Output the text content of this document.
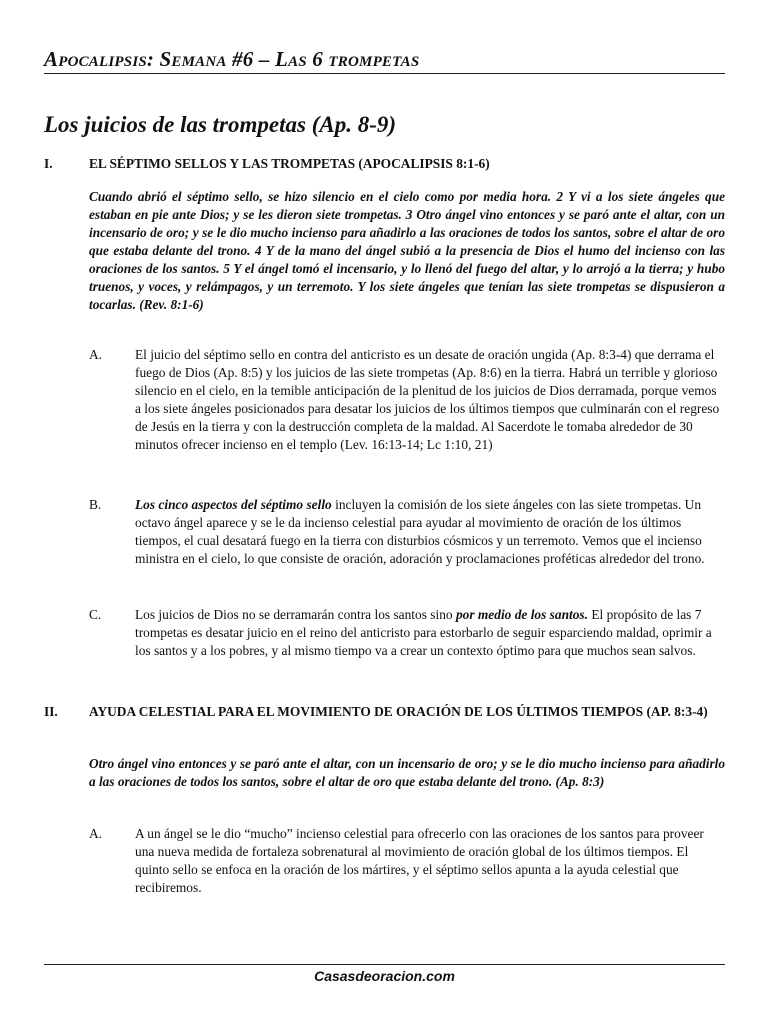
Apocalipsis: Semana #6 – Las 6 trompetas
Los juicios de las trompetas (Ap. 8-9)
I.	EL SÉPTIMO SELLOS Y LAS TROMPETAS (APOCALIPSIS 8:1-6)

Cuando abrió el séptimo sello, se hizo silencio en el cielo como por media hora. 2 Y vi a los siete ángeles que estaban en pie ante Dios; y se les dieron siete trompetas. 3 Otro ángel vino entonces y se paró ante el altar, con un incensario de oro; y se le dio mucho incienso para añadirlo a las oraciones de todos los santos, sobre el altar de oro que estaba delante del trono. 4 Y de la mano del ángel subió a la presencia de Dios el humo del incienso con las oraciones de los santos. 5 Y el ángel tomó el incensario, y lo llenó del fuego del altar, y lo arrojó a la tierra; y hubo truenos, y voces, y relámpagos, y un terremoto. Y los siete ángeles que tenían las siete trompetas se dispusieron a tocarlas. (Rev. 8:1-6)

A. El juicio del séptimo sello en contra del anticristo es un desate de oración ungida (Ap. 8:3-4) que derrama el fuego de Dios (Ap. 8:5) y los juicios de las siete trompetas (Ap. 8:6) en la tierra. Habrá un terrible y glorioso silencio en el cielo, en la temible anticipación de la plenitud de los juicios de Dios derramada, porque vemos a los siete ángeles posicionados para desatar los juicios de los últimos tiempos que culminarán con el regreso de Jesús en la tierra y con la destrucción completa de la maldad. Al Sacerdote le tomaba alrededor de 30 minutos ofrecer incienso en el templo (Lev. 16:13-14; Lc 1:10, 21)
B.	Los cinco aspectos del séptimo sello incluyen la comisión de los siete ángeles con las siete trompetas. Un octavo ángel aparece y se le da incienso celestial para ayudar al movimiento de oración de los últimos tiempos, el cual desatará fuego en la tierra con disturbios cósmicos y un terremoto. Vemos que el incienso ministra en el cielo, lo que consiste de oración, adoración y proclamaciones proféticas alrededor del trono.
C.	Los juicios de Dios no se derramarán contra los santos sino por medio de los santos. El propósito de las 7 trompetas es desatar juicio en el reino del anticristo para estorbarlo de seguir esparciendo maldad, oprimir a los santos y a los pobres, y al mismo tiempo va a crear un contexto óptimo para que muchos sean salvos.
II. AYUDA CELESTIAL PARA EL MOVIMIENTO DE ORACIÓN DE LOS ÚLTIMOS TIEMPOS (AP. 8:3-4)

Otro ángel vino entonces y se paró ante el altar, con un incensario de oro; y se le dio mucho incienso para añadirlo a las oraciones de todos los santos, sobre el altar de oro que estaba delante del trono. (Ap. 8:3)

A. A un ángel se le dio “mucho” incienso celestial para ofrecerlo con las oraciones de los santos para proveer una nueva medida de fortaleza sobrenatural al movimiento de oración global de los últimos tiempos. El quinto sello se enfoca en la oración de los mártires, y el séptimo sellos apunta a la ayuda celestial que recibiremos.
Casasdeoracion.com
